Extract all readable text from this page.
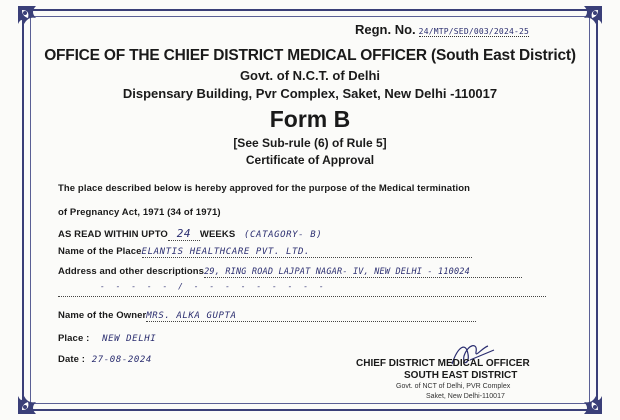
Regn. No. 24/MTP/SED/003/2024-25
OFFICE OF THE CHIEF DISTRICT MEDICAL OFFICER (South East District)
Govt. of N.C.T. of Delhi
Dispensary Building, Pvr Complex, Saket, New Delhi -110017
Form B
[See Sub-rule (6) of Rule 5]
Certificate of Approval
The place described below is hereby approved for the purpose of the Medical termination
of Pregnancy Act, 1971 (34 of 1971)
AS READ WITHIN UPTO 24 WEEKS (CATAGORY- B)
Name of the PlaceELANTIS HEALTHCARE PVT. LTD.
Address and other descriptions29, RING ROAD LAJPAT NAGAR- IV, NEW DELHI - 110024
- - - - - / - - - - - - - - -
Name of the OwnerMRS. ALKA GUPTA
Place : NEW DELHI
Date : 27-08-2024	CHIEF DISTRICT MEDICAL OFFICER
SOUTH EAST DISTRICT
Govt. of NCT of Delhi, PVR Complex
Saket, New Delhi-110017
